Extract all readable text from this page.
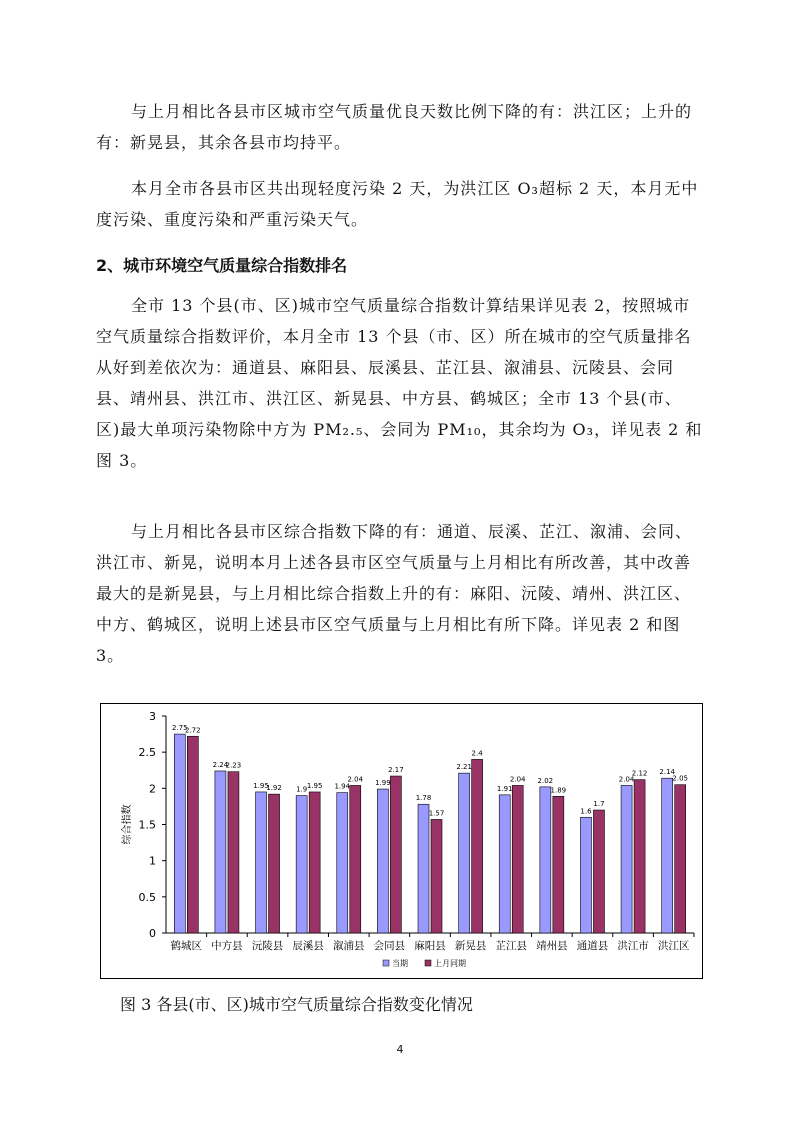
与上月相比各县市区城市空气质量优良天数比例下降的有：洪江区；上升的有：新晃县，其余各县市均持平。

本月全市各县市区共出现轻度污染 2 天，为洪江区 O₃超标 2 天，本月无中度污染、重度污染和严重污染天气。

2、城市环境空气质量综合指数排名

全市 13 个县(市、区)城市空气质量综合指数计算结果详见表 2，按照城市空气质量综合指数评价，本月全市 13 个县（市、区）所在城市的空气质量排名从好到差依次为：通道县、麻阳县、辰溪县、芷江县、溆浦县、沅陵县、会同县、靖州县、洪江市、洪江区、新晃县、中方县、鹤城区；全市 13 个县(市、区)最大单项污染物除中方为 PM₂.₅、会同为 PM₁₀，其余均为 O₃，详见表 2 和图 3。

与上月相比各县市区综合指数下降的有：通道、辰溪、芷江、溆浦、会同、洪江市、新晃，说明本月上述各县市区空气质量与上月相比有所改善，其中改善最大的是新晃县，与上月相比综合指数上升的有：麻阳、沅陵、靖州、洪江区、中方、鹤城区，说明上述县市区空气质量与上月相比有所下降。详见表 2 和图 3。

0
0.5
1
1.5
2
2.5
3
综合指数
2.75
2.72
鹤城区
2.24
2.23
中方县
1.95
1.92
沅陵县
1.9 1.95
辰溪县
1.94
2.04
溆浦县
1.99
2.17
会同县
1.78
1.57
麻阳县
2.21
2.4
新晃县
1.91
2.04
芷江县
2.02
1.89
靖州县
1.6
1.7
通道县
2.04
2.12
洪江市
2.14
2.05
洪江区
当期	上月同期

图 3 各县(市、区)城市空气质量综合指数变化情况

4
